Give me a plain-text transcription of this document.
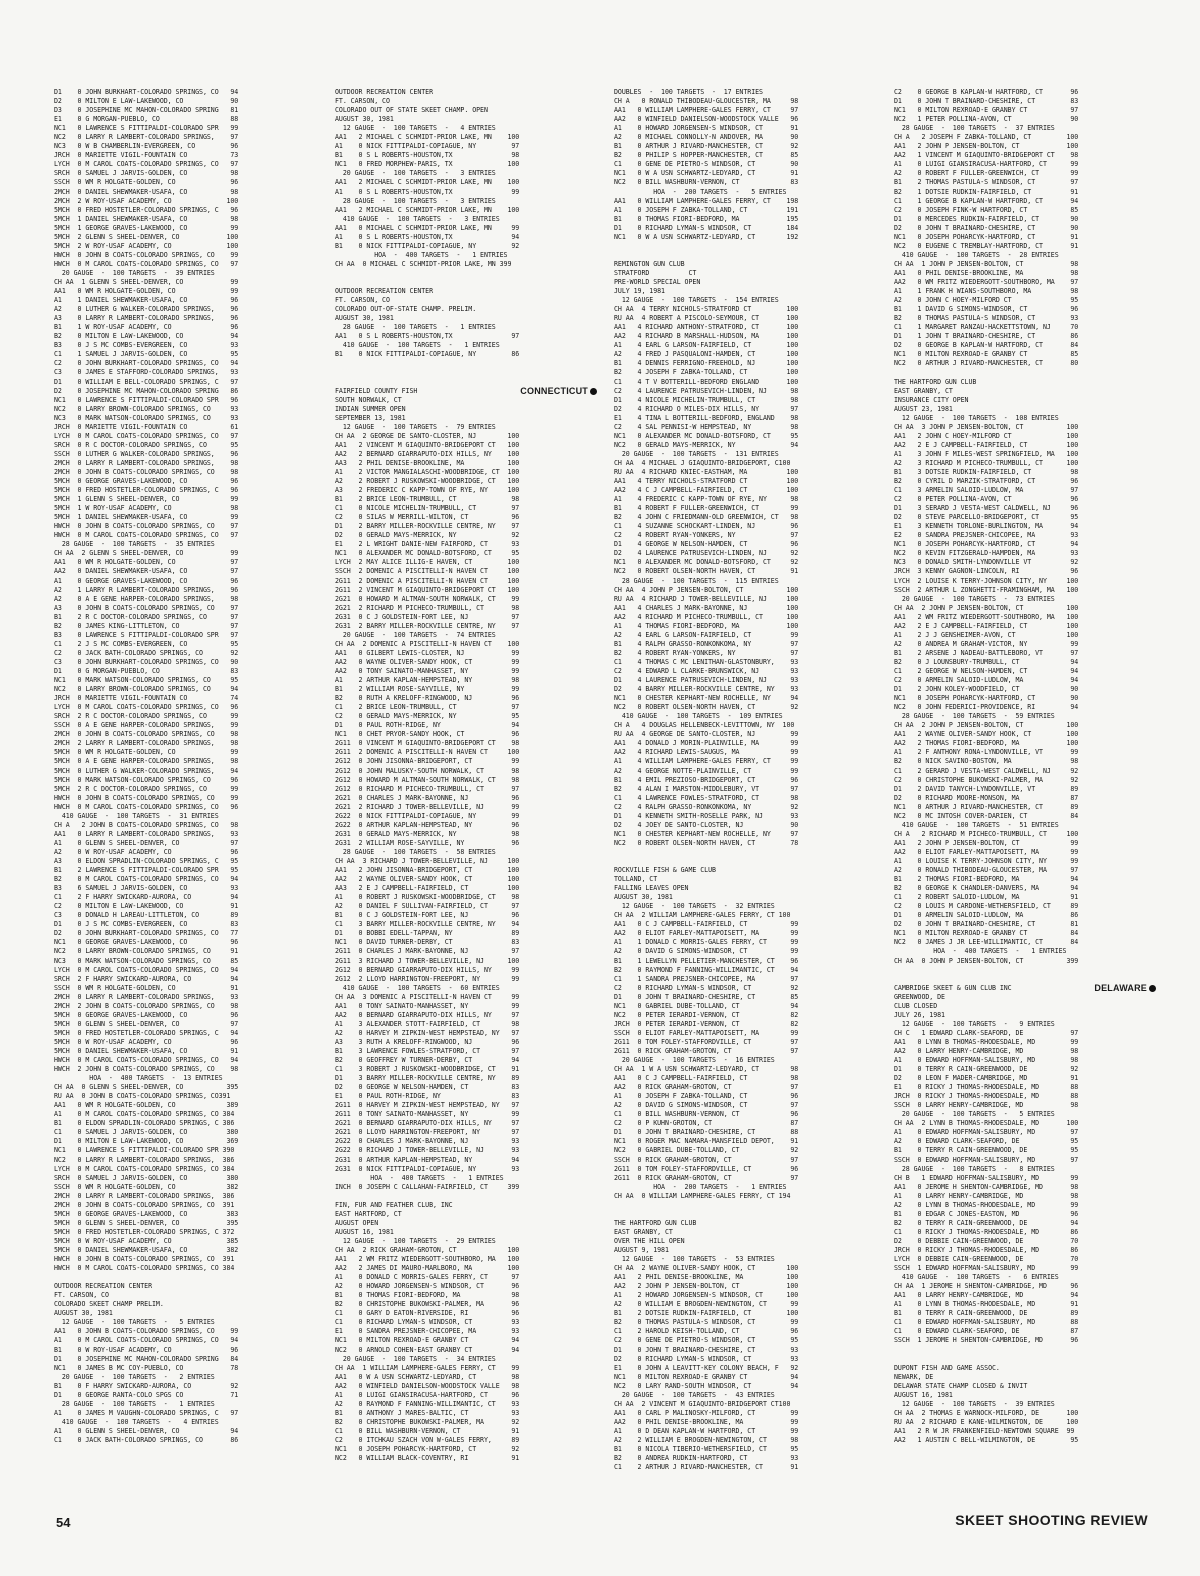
D1    0 JOHN BURKHART-COLORADO SPRINGS, CO   94
D2    0 MILTON E LAW-LAKEWOOD, CO            90
D3    0 JOSEPHINE MC MAHON-COLORADO SPRING   81
E1    0 G MORGAN-PUEBLO, CO                  88
NC1   0 LAWRENCE S FITTIPALDI-COLORADO SPR   99
NC2   0 LARRY R LAMBERT-COLORADO SPRINGS,    97
NC3   0 W B CHAMBERLIN-EVERGREEN, CO         96
JRCH  0 MARIETTE VIGIL-FOUNTAIN CO           73
LYCH  0 M CAROL COATS-COLORADO SPRINGS, CO   97
SRCH  0 SAMUEL J JARVIS-GOLDEN, CO           98
SSCH  0 WM R HOLGATE-GOLDEN, CO              96
2MCH  0 DANIEL SHEWMAKER-USAFA, CO           98
2MCH  2 W ROY-USAF ACADEMY, CO              100
5MCH  0 FRED HOSTETLER-COLORADO SPRINGS, C   96
5MCH  1 DANIEL SHEWMAKER-USAFA, CO           98
5MCH  1 GEORGE GRAVES-LAKEWOOD, CO           99
5MCH  2 GLENN S SHEEL-DENVER, CO            100
5MCH  2 W ROY-USAF ACADEMY, CO              100
HWCH  0 JOHN B COATS-COLORADO SPRINGS, CO    99
HWCH  0 M CAROL COATS-COLORADO SPRINGS, CO   97
20 GAUGE  -  100 TARGETS  -  39 ENTRIES
CH AA  1 GLENN S SHEEL-DENVER, CO            99
AA1   0 WM R HOLGATE-GOLDEN, CO              99
A1    1 DANIEL SHEWMAKER-USAFA, CO           96
A2    0 LUTHER G WALKER-COLORADO SPRINGS,    96
A3    0 LARRY R LAMBERT-COLORADO SPRINGS,    96
B1    1 W ROY-USAF ACADEMY, CO               96
B2    0 MILTON E LAW-LAKEWOOD, CO            94
B3    0 J S MC COMBS-EVERGREEN, CO           93
C1    1 SAMUEL J JARVIS-GOLDEN, CO           95
C2    0 JOHN BURKHART-COLORADO SPRINGS, CO   94
C3    0 JAMES E STAFFORD-COLORADO SPRINGS,   93
D1    0 WILLIAM E BELL-COLORADO SPRINGS, C   97
D2    0 JOSEPHINE MC MAHON-COLORADO SPRING   86
NC1   0 LAWRENCE S FITTIPALDI-COLORADO SPR   96
NC2   0 LARRY BROWN-COLORADO SPRINGS, CO     93
NC3   0 MARK WATSON-COLORADO SPRINGS, CO     93
JRCH  0 MARIETTE VIGIL-FOUNTAIN CO           61
LYCH  0 M CAROL COATS-COLORADO SPRINGS, CO   97
SRCH  0 R C DOCTOR-COLORADO SPRINGS, CO      95
SSCH  0 LUTHER G WALKER-COLORADO SPRINGS,    96
2MCH  0 LARRY R LAMBERT-COLORADO SPRINGS,    98
2MCH  0 JOHN B COATS-COLORADO SPRINGS, CO    98
5MCH  0 GEORGE GRAVES-LAKEWOOD, CO           96
5MCH  0 FRED HOSTETLER-COLORADO SPRINGS, C   96
5MCH  1 GLENN S SHEEL-DENVER, CO             99
5MCH  1 W ROY-USAF ACADEMY, CO               98
5MCH  1 DANIEL SHEWMAKER-USAFA, CO           99
HWCH  0 JOHN B COATS-COLORADO SPRINGS, CO    97
HWCH  0 M CAROL COATS-COLORADO SPRINGS, CO   97
28 GAUGE  -  100 TARGETS  -  35 ENTRIES
CH AA  2 GLENN S SHEEL-DENVER, CO            99
AA1   0 WM R HOLGATE-GOLDEN, CO              97
AA2   0 DANIEL SHEWMAKER-USAFA, CO           97
A1    0 GEORGE GRAVES-LAKEWOOD, CO           96
A2    1 LARRY R LAMBERT-COLORADO SPRINGS,    96
A2    0 A E GENE HARPER-COLORADO SPRINGS,    98
A3    0 JOHN B COATS-COLORADO SPRINGS, CO    97
B1    2 R C DOCTOR-COLORADO SPRINGS, CO      97
B2    0 JAMES KING-LITTLETON, CO             97
B3    0 LAWRENCE S FITTIPALDI-COLORADO SPR   97
C1    2 J S MC COMBS-EVERGREEN, CO           95
C2    0 JACK BATH-COLORADO SPRINGS, CO       92
C3    0 JOHN BURKHART-COLORADO SPRINGS, CO   90
D1    0 G MORGAN-PUEBLO, CO                  83
NC1   0 MARK WATSON-COLORADO SPRINGS, CO     95
NC2   0 LARRY BROWN-COLORADO SPRINGS, CO     94
JRCH  0 MARIETTE VIGIL-FOUNTAIN CO           74
LYCH  0 M CAROL COATS-COLORADO SPRINGS, CO   96
SRCH  2 R C DOCTOR-COLORADO SPRINGS, CO      99
SSCH  0 A E GENE HARPER-COLORADO SPRINGS,    99
2MCH  0 JOHN B COATS-COLORADO SPRINGS, CO    98
2MCH  2 LARRY R LAMBERT-COLORADO SPRINGS,    98
5MCH  0 WM R HOLGATE-GOLDEN, CO              99
5MCH  0 A E GENE HARPER-COLORADO SPRINGS,    98
5MCH  0 LUTHER G WALKER-COLORADO SPRINGS,    94
5MCH  0 MARK WATSON-COLORADO SPRINGS, CO     96
5MCH  2 R C DOCTOR-COLORADO SPRINGS, CO      99
HWCH  0 JOHN B COATS-COLORADO SPRINGS, CO    99
HWCH  0 M CAROL COATS-COLORADO SPRINGS, CO   96
410 GAUGE  -  100 TARGETS  -  31 ENTRIES
CH A   2 JOHN B COATS-COLORADO SPRINGS, CO   98
AA1   0 LARRY R LAMBERT-COLORADO SPRINGS,    93
A1    0 GLENN S SHEEL-DENVER, CO             97
A2    0 W ROY-USAF ACADEMY, CO               96
A3    0 ELDON SPRADLIN-COLORADO SPRINGS, C   95
B1    2 LAWRENCE S FITTIPALDI-COLORADO SPR   95
B2    0 M CAROL COATS-COLORADO SPRINGS, CO   94
B3    6 SAMUEL J JARVIS-GOLDEN, CO           93
C1    2 F HARRY SWICKARD-AURORA, CO          94
C2    0 MILTON E LAW-LAKEWOOD, CO            91
C3    0 DONALD H LAREAU-LITTLETON, CO        89
D1    0 J S MC COMBS-EVERGREEN, CO           83
D2    0 JOHN BURKHART-COLORADO SPRINGS, CO   77
NC1   0 GEORGE GRAVES-LAKEWOOD, CO           96
NC2   0 LARRY BROWN-COLORADO SPRINGS, CO     91
NC3   0 MARK WATSON-COLORADO SPRINGS, CO     85
LYCH  0 M CAROL COATS-COLORADO SPRINGS, CO   94
SRCH  2 F HARRY SWICKARD-AURORA, CO          94
SSCH  0 WM R HOLGATE-GOLDEN, CO              91
2MCH  0 LARRY R LAMBERT-COLORADO SPRINGS,    93
2MCH  2 JOHN B COATS-COLORADO SPRINGS, CO    98
5MCH  0 GEORGE GRAVES-LAKEWOOD, CO           96
5MCH  0 GLENN S SHEEL-DENVER, CO             97
5MCH  0 FRED HOSTETLER-COLORADO SPRINGS, C   94
5MCH  0 W ROY-USAF ACADEMY, CO               96
5MCH  0 DANIEL SHEWMAKER-USAFA, CO           91
HWCH  0 M CAROL COATS-COLORADO SPRINGS, CO   94
HWCH  2 JOHN B COATS-COLORADO SPRINGS, CO    98
HOA  -  400 TARGETS  -  13 ENTRIES
CH AA  0 GLENN S SHEEL-DENVER, CO           395
RU AA  0 JOHN B COATS-COLORADO SPRINGS, CO391
AA1   0 WM R HOLGATE-GOLDEN, CO             389
A1    0 M CAROL COATS-COLORADO SPRINGS, CO 384
B1    0 ELDON SPRADLIN-COLORADO SPRINGS, C 386
C1    0 SAMUEL J JARVIS-GOLDEN, CO          380
D1    0 MILTON E LAW-LAKEWOOD, CO           369
NC1   0 LAWRENCE S FITTIPALDI-COLORADO SPR 390
NC2   0 LARRY R LAMBERT-COLORADO SPRINGS,  386
LYCH  0 M CAROL COATS-COLORADO SPRINGS, CO 384
SRCH  0 SAMUEL J JARVIS-GOLDEN, CO          380
SSCH  0 WM R HOLGATE-GOLDEN, CO             382
2MCH  0 LARRY R LAMBERT-COLORADO SPRINGS,  386
2MCH  0 JOHN B COATS-COLORADO SPRINGS, CO  391
5MCH  0 GEORGE GRAVES-LAKEWOOD, CO          383
5MCH  0 GLENN S SHEEL-DENVER, CO            395
5MCH  0 FRED HOSTETLER-COLORADO SPRINGS, C 372
5MCH  0 W ROY-USAF ACADEMY, CO              385
5MCH  0 DANIEL SHEWMAKER-USAFA, CO          382
HWCH  0 JOHN B COATS-COLORADO SPRINGS, CO  391
HWCH  0 M CAROL COATS-COLORADO SPRINGS, CO 384
OUTDOOR RECREATION CENTER
FT. CARSON, CO
COLORADO SKEET CHAMP PRELIM.
AUGUST 30, 1981
12 GAUGE  -  100 TARGETS  -   5 ENTRIES
AA1   0 JOHN B COATS-COLORADO SPRINGS, CO    99
A1    0 M CAROL COATS-COLORADO SPRINGS, CO   94
B1    0 W ROY-USAF ACADEMY, CO               96
D1    0 JOSEPHINE MC MAHON-COLORADO SPRING   84
NC1   0 JAMES B MC COY-PUEBLO, CO            78
20 GAUGE  -  100 TARGETS  -   2 ENTRIES
B1    0 F HARRY SWICKARD-AURORA, CO          92
D1    0 GEORGE RANTA-COLO SPGS CO            71
28 GAUGE  -  100 TARGETS  -   1 ENTRIES
A1    0 JAMES M VAUGHN-COLORADO SPRINGS, C   97
410 GAUGE  -  100 TARGETS  -   4 ENTRIES
A1    0 GLENN S SHEEL-DENVER, CO             94
C1    0 JACK BATH-COLORADO SPRINGS, CO       86
OUTDOOR RECREATION CENTER
FT. CARSON, CO
COLORADO OUT OF STATE SKEET CHAMP. OPEN
AUGUST 30, 1981
12 GAUGE  -  100 TARGETS  -   4 ENTRIES
AA1   2 MICHAEL C SCHMIDT-PRIOR LAKE, MN    100
A1    0 NICK FITTIPALDI-COPIAGUE, NY         97
B1    0 S L ROBERTS-HOUSTON,TX               98
NC1   0 FRED MORPHEW-PARIS, TX              100
20 GAUGE  -  100 TARGETS  -   3 ENTRIES
AA1   2 MICHAEL C SCHMIDT-PRIOR LAKE, MN    100
A1    0 S L ROBERTS-HOUSTON,TX               99
28 GAUGE  -  100 TARGETS  -   3 ENTRIES
AA1   2 MICHAEL C SCHMIDT-PRIOR LAKE, MN    100
410 GAUGE  -  100 TARGETS  -   3 ENTRIES
AA1   0 MICHAEL C SCHMIDT-PRIOR LAKE, MN     99
A1    0 S L ROBERTS-HOUSTON,TX               94
B1    0 NICK FITTIPALDI-COPIAGUE, NY         92
HOA  -  400 TARGETS  -   1 ENTRIES
CH AA  0 MICHAEL C SCHMIDT-PRIOR LAKE, MN 399
OUTDOOR RECREATION CENTER
FT. CARSON, CO
COLORADO OUT-OF-STATE CHAMP. PRELIM.
AUGUST 30, 1981
28 GAUGE  -  100 TARGETS  -   1 ENTRIES
AA1   0 S L ROBERTS-HOUSTON,TX               97
410 GAUGE  -  100 TARGETS  -   1 ENTRIES
B1    0 NICK FITTIPALDI-COPIAGUE, NY         86
FAIRFIELD COUNTY FISH	CONNECTICUT
SOUTH NORWALK, CT
INDIAN SUMMER OPEN
SEPTEMBER 13, 1981
12 GAUGE  -  100 TARGETS  -  79 ENTRIES
CH AA  2 GEORGE DE SANTO-CLOSTER, NJ        100
AA1   2 VINCENT M GIAQUINTO-BRIDGEPORT CT   100
AA2   2 BERNARD GIARRAPUTO-DIX HILLS, NY    100
AA3   2 PHIL DENISE-BROOKLINE, MA           100
A1    2 VICTOR MANGIALASCHI-WOODBRIDGE, CT  100
A2    2 ROBERT J RUSKOWSKI-WOODBRIDGE, CT   100
A3    2 FREDERIC C KAPP-TOWN OF RYE, NY     100
B1    2 BRICE LEON-TRUMBULL, CT              98
C1    0 NICOLE MICHELIN-TRUMBULL, CT         97
C2    0 SILAS W MERRILL-WILTON, CT           96
D1    2 BARRY MILLER-ROCKVILLE CENTRE, NY    97
D2    0 GERALD MAYS-MERRICK, NY              92
E1    2 L WRIGHT DANIE-NEW FAIRFORD, CT      93
NC1   0 ALEXANDER MC DONALD-BOTSFORD, CT     95
LYCH  2 MAY ALICE ILLIG-E HAVEN, CT         100
SSCH  2 DOMENIC A PISCITELLI-N HAVEN CT     100
2G11  2 DOMENIC A PISCITELLI-N HAVEN CT     100
2G11  2 VINCENT M GIAQUINTO-BRIDGEPORT CT   100
2G21  0 HOWARD M ALTMAN-SOUTH NORWALK, CT    99
2G21  2 RICHARD M PICHECO-TRUMBULL, CT       98
2G31  0 C J GOLDSTEIN-FORT LEE, NJ           97
2G31  2 BARRY MILLER-ROCKVILLE CENTRE, NY    97
20 GAUGE  -  100 TARGETS  -  74 ENTRIES
CH AA  2 DOMENIC A PISCITELLI-N HAVEN CT    100
AA1   0 GILBERT LEWIS-CLOSTER, NJ            99
AA2   0 WAYNE OLIVER-SANDY HOOK, CT          99
AA2   0 TONY SAINATO-MANHASSET, NY           99
A1    2 ARTHUR KAPLAN-HEMPSTEAD, NY          98
B1    2 WILLIAM ROSE-SAYVILLE, NY            99
B2    0 RUTH A KRELOFF-RINGWOOD, NJ          96
C1    2 BRICE LEON-TRUMBULL, CT              97
C2    0 GERALD MAYS-MERRICK, NY              95
D1    0 PAUL ROTH-RIDGE, NY                  94
NC1   0 CHET PRYOR-SANDY HOOK, CT            96
2G11  0 VINCENT M GIAQUINTO-BRIDGEPORT CT    98
2G11  2 DOMENIC A PISCITELLI-N HAVEN CT     100
2G12  0 JOHN JISONNA-BRIDGEPORT, CT          99
2G12  0 JOHN MALUSKY-SOUTH NORWALK, CT       98
2G12  0 HOWARD M ALTMAN-SOUTH NORWALK, CT    98
2G12  0 RICHARD M PICHECO-TRUMBULL, CT       97
2G21  0 CHARLES J MARK-BAYONNE, NJ           96
2G21  2 RICHARD J TOWER-BELLEVILLE, NJ       99
2G22  0 NICK FITTIPALDI-COPIAGUE, NY         99
2G22  0 ARTHUR KAPLAN-HEMPSTEAD, NY          96
2G31  0 GERALD MAYS-MERRICK, NY              98
2G31  2 WILLIAM ROSE-SAYVILLE, NY            96
28 GAUGE  -  100 TARGETS  -  58 ENTRIES
CH AA  3 RICHARD J TOWER-BELLEVILLE, NJ     100
AA1   2 JOHN JISONNA-BRIDGEPORT, CT         100
AA2   2 WAYNE OLIVER-SANDY HOOK, CT         100
AA3   2 E J CAMPBELL-FAIRFIELD, CT          100
A1    0 ROBERT J RUSKOWSKI-WOODBRIDGE, CT    98
A2    0 DANIEL F SULLIVAN-FAIRFIELD, CT      97
B1    0 C J GOLDSTEIN-FORT LEE, NJ           96
C1    3 BARRY MILLER-ROCKVILLE CENTRE, NY    94
D1    0 BOBBI EDELL-TAPPAN, NY               89
NC1   0 DAVID TURNER-DERBY, CT               83
2G11  0 CHARLES J MARK-BAYONNE, NJ           97
2G11  3 RICHARD J TOWER-BELLEVILLE, NJ      100
2G12  0 BERNARD GIARRAPUTO-DIX HILLS, NY     99
2G12  2 LLOYD HARRINGTON-FREEPORT, NY        99
410 GAUGE  -  100 TARGETS  -  60 ENTRIES
CH AA  3 DOMENIC A PISCITELLI-N HAVEN CT     99
AA1   0 TONY SAINATO-MANHASSET, NY           99
AA2   0 BERNARD GIARRAPUTO-DIX HILLS, NY     97
A1    3 ALEXANDER STOTT-FAIRFIELD, CT        98
A2    0 HARVEY M ZIPKIN-WEST HEMPSTEAD, NY   97
A3    3 RUTH A KRELOFF-RINGWOOD, NJ          96
B1    3 LAWRENCE FOWLES-STRATFORD, CT        97
B2    0 GEOFFREY W TURNER-DERBY, CT          94
C1    3 ROBERT J RUSKOWSKI-WOODBRIDGE, CT    91
D1    3 BARRY MILLER-ROCKVILLE CENTRE, NY    89
D2    0 GEORGE W NELSON-HAMDEN, CT           83
E1    0 PAUL ROTH-RIDGE, NY                  83
2G11  0 HARVEY M ZIPKIN-WEST HEMPSTEAD, NY   97
2G11  0 TONY SAINATO-MANHASSET, NY           99
2G21  0 BERNARD GIARRAPUTO-DIX HILLS, NY     97
2G21  0 LLOYD HARRINGTON-FREEPORT, NY        97
2G22  0 CHARLES J MARK-BAYONNE, NJ           93
2G22  0 RICHARD J TOWER-BELLEVILLE, NJ       93
2G31  0 ARTHUR KAPLAN-HEMPSTEAD, NY          94
2G31  0 NICK FITTIPALDI-COPIAGUE, NY         93
HOA  -  400 TARGETS  -   1 ENTRIES
INCH  0 JOSEPH C CALLAHAN-FAIRFIELD, CT     399
FIN, FUR AND FEATHER CLUB, INC
EAST HARTFORD, CT
AUGUST OPEN
AUGUST 16, 1981
12 GAUGE  -  100 TARGETS  -  29 ENTRIES
CH AA  2 RICK GRAHAM-GROTON, CT             100
AA1   2 WM FRITZ WIEDERGOTT-SOUTHBORO, MA   100
AA2   2 JAMES DI MAURO-MARLBORO, MA         100
A1    0 DONALD C MORRIS-GALES FERRY, CT      97
A2    0 HOWARD JORGENSEN-S WINDSOR, CT       96
B1    0 THOMAS FIORI-BEDFORD, MA             98
B2    0 CHRISTOPHE BUKOWSKI-PALMER, MA       96
C1    0 GARY D EATON-RIVERSIDE, RI           96
C1    0 RICHARD LYMAN-S WINDSOR, CT          93
E1    0 SANDRA PREJSNER-CHICOPEE, MA         93
NC1   0 MILTON REXROAD-E GRANBY CT           94
NC2   0 ARNOLD COHEN-EAST GRANBY CT          94
20 GAUGE  -  100 TARGETS  -  34 ENTRIES
CH AA  1 WILLIAM LAMPHERE-GALES FERRY, CT    99
AA1   0 W A USN SCHWARTZ-LEDYARD, CT         98
AA2   0 WINFIELD DANIELSON-WOODSTOCK VALLE   98
A1    0 LUIGI GIANSIRACUSA-HARTFORD, CT      96
A2    0 RAYMOND F FANNING-WILLIMANTIC, CT    93
B1    0 ANTHONY J MARES-BALTIC, CT           93
B2    0 CHRISTOPHE BUKOWSKI-PALMER, MA       92
C1    0 BILL WASHBURN-VERNON, CT             91
C2    0 ITCHKAU SZACH VON W-GALES FERRY,     89
NC1   0 JOSEPH POHARCYK-HARTFORD, CT         92
NC2   0 WILLIAM BLACK-COVENTRY, RI           91
DOUBLES  -  100 TARGETS  -  17 ENTRIES
CH A   0 RONALD THIBODEAU-GLOUCESTER, MA     98
AA1   0 WILLIAM LAMPHERE-GALES FERRY, CT     97
AA2   0 WINFIELD DANIELSON-WOODSTOCK VALLE   96
A1    0 HOWARD JORGENSEN-S WINDSOR, CT       91
A2    0 MICHAEL CONNOLLY-N ANDOVER, MA       90
B1    0 ARTHUR J RIVARD-MANCHESTER, CT       92
B2    0 PHILIP S HOPPER-MANCHESTER, CT       85
C1    0 GENE DE PIETRO-S WINDSOR, CT         90
NC1   0 W A USN SCHWARTZ-LEDYARD, CT         91
NC2   0 BILL WASHBURN-VERNON, CT             83
HOA  -  200 TARGETS  -   5 ENTRIES
AA1   0 WILLIAM LAMPHERE-GALES FERRY, CT    198
A1    0 JOSEPH F ZABKA-TOLLAND, CT          191
B1    0 THOMAS FIORI-BEDFORD, MA            195
D1    0 RICHARD LYMAN-S WINDSOR, CT         184
NC1   0 W A USN SCHWARTZ-LEDYARD, CT        192
REMINGTON GUN CLUB
STRATFORD          CT
PRE-WORLD SPECIAL OPEN
JULY 19, 1981
12 GAUGE  -  100 TARGETS  -  154 ENTRIES
CH AA  4 TERRY NICHOLS-STRATFORD CT         100
RU AA  4 ROBERT A PISCOLO-SEYMOUR, CT       100
AA1   4 RICHARD ANTHONY-STRATFORD, CT       100
AA2   4 RICHARD B MARSHALL-HUDSON, MA       100
A1    4 EARL G LARSON-FAIRFIELD, CT         100
A2    4 FRED J PASQUALONI-HAMDEN, CT        100
B1    4 DENNIS FERRIGNO-FREEHOLD, NJ        100
B2    4 JOSEPH F ZABKA-TOLLAND, CT          100
C1    4 T V BOTTERILL-BEDFORD ENGLAND       100
C2    4 LAURENCE PATRUSEVICH-LINDEN, NJ      98
D1    4 NICOLE MICHELIN-TRUMBULL, CT         98
D2    4 RICHARD O MILES-DIX HILLS, NY        97
E1    4 TINA L BOTTERILL-BEDFORD, ENGLAND    98
C2    4 SAL PENNISI-W HEMPSTEAD, NY          98
NC1   0 ALEXANDER MC DONALD-BOTSFORD, CT     95
NC2   0 GERALD MAYS-MERRICK, NY              94
20 GAUGE  -  100 TARGETS  -  131 ENTRIES
CH AA  4 MICHAEL J GIAQUINTO-BRIDGEPORT, C100
RU AA  4 RICHARD KNIEC-EASTHAM, MA          100
AA1   4 TERRY NICHOLS-STRATFORD CT          100
AA2   4 C J CAMPBELL-FAIRFIELD, CT          100
A1    4 FREDERIC C KAPP-TOWN OF RYE, NY      98
B1    4 ROBERT F FULLER-GREENWICH, CT        99
B2    4 JOHN C FRIEDMANN-OLD GREENWICH, CT   98
C1    4 SUZANNE SCHOCKART-LINDEN, NJ         96
C2    4 ROBERT RYAN-YONKERS, NY              97
D1    4 GEORGE W NELSON-HAMDEN, CT           96
D2    4 LAURENCE PATRUSEVICH-LINDEN, NJ      92
NC1   0 ALEXANDER MC DONALD-BOTSFORD, CT     92
NC2   0 ROBERT OLSEN-NORTH HAVEN, CT         91
28 GAUGE  -  100 TARGETS  -  115 ENTRIES
CH AA  4 JOHN P JENSEN-BOLTON, CT           100
RU AA  4 RICHARD J TOWER-BELLEVILLE, NJ     100
AA1   4 CHARLES J MARK-BAYONNE, NJ          100
AA2   4 RICHARD M PICHECO-TRUMBULL, CT      100
A1    4 THOMAS FIORI-BEDFORD, MA            100
A2    4 EARL G LARSON-FAIRFIELD, CT          99
B1    4 RALPH GRASSO-RONKONKOMA, NY          97
B2    4 ROBERT RYAN-YONKERS, NY              97
C1    4 THOMAS C MC LENITHAN-GLASTONBURY,    93
C2    4 EDWARD L CLARKE-BRUNSWICK, NJ        93
D1    4 LAURENCE PATRUSEVICH-LINDEN, NJ      93
D2    4 BARRY MILLER-ROCKVILLE CENTRE, NY    93
NC1   0 CHESTER KEPHART-NEW ROCHELLE, NY     94
NC2   0 ROBERT OLSEN-NORTH HAVEN, CT         92
410 GAUGE  -  100 TARGETS  -  109 ENTRIES
CH A   4 DOUGLAS HELLENBECK-LEVITTOWN, NY  100
RU AA  4 GEORGE DE SANTO-CLOSTER, NJ         99
AA1   4 DONALD J MORIN-PLAINVILLE, MA        99
AA2   4 RICHARD LEWIS-SAUGUS, MA             99
A1    4 WILLIAM LAMPHERE-GALES FERRY, CT     99
A2    4 GEORGE NOTTE-PLAINVILLE, CT          99
B1    4 EMIL PREZIOSO-BRIDGEPORT, CT         96
B2    4 ALAN I MARSTON-MIDDLEBURY, VT        97
C1    4 LAWRENCE FOWLES-STRATFORD, CT        98
C2    4 RALPH GRASSO-RONKONKOMA, NY          92
D1    4 KENNETH SMITH-ROSELLE PARK, NJ       93
D2    4 JOEY DE SANTO-CLOSTER, NJ            90
NC1   0 CHESTER KEPHART-NEW ROCHELLE, NY     97
NC2   0 ROBERT OLSEN-NORTH HAVEN, CT         78
ROCKVILLE FISH & GAME CLUB
TOLLAND, CT
FALLING LEAVES OPEN
AUGUST 30, 1981
12 GAUGE  -  100 TARGETS  -  32 ENTRIES
CH AA  2 WILLIAM LAMPHERE-GALES FERRY, CT 100
AA1   0 C J CAMPBELL-FAIRFIELD, CT           99
AA2   0 ELIOT FARLEY-MATTAPOISETT, MA        99
A1    1 DONALD C MORRIS-GALES FERRY, CT      99
A2    0 DAVID G SIMONS-WINDSOR, CT           99
B1    1 LEWELLYN PELLETIER-MANCHESTER, CT    96
B2    0 RAYMOND F FANNING-WILLIMANTIC, CT    94
C1    1 SANDRA PREJSNER-CHICOPEE, MA         97
C2    0 RICHARD LYMAN-S WINDSOR, CT          92
D1    0 JOHN T BRAINARD-CHESHIRE, CT         85
NC1   0 GABRIEL DUBE-TOLLAND, CT             94
NC2   0 PETER IERARDI-VERNON, CT             82
JRCH  0 PETER IERARDI-VERNON, CT             82
SSCH  0 ELIOT FARLEY-MATTAPOISETT, MA        99
2G11  0 TOM FOLEY-STAFFORDVILLE, CT          97
2G11  0 RICK GRAHAM-GROTON, CT               97
20 GAUGE  -  100 TARGETS  -  16 ENTRIES
CH AA  1 W A USN SCHWARTZ-LEDYARD, CT        98
AA1   0 C J CAMPBELL-FAIRFIELD, CT           98
AA2   0 RICK GRAHAM-GROTON, CT               97
A1    0 JOSEPH F ZABKA-TOLLAND, CT           96
A2    0 DAVID G SIMONS-WINDSOR, CT           97
C1    0 BILL WASHBURN-VERNON, CT             96
C2    0 P KUHN-GROTON, CT                    87
D1    0 JOHN T BRAINARD-CHESHIRE, CT         88
NC1   0 ROGER MAC NAMARA-MANSFIELD DEPOT,    91
NC2   0 GABRIEL DUBE-TOLLAND, CT             92
SSCH  0 RICK GRAHAM-GROTON, CT               97
2G11  0 TOM FOLEY-STAFFORDVILLE, CT          96
2G11  0 RICK GRAHAM-GROTON, CT               97
HOA  -  200 TARGETS  -   1 ENTRIES
CH AA  0 WILLIAM LAMPHERE-GALES FERRY, CT 194
THE HARTFORD GUN CLUB
EAST GRANBY, CT
OVER THE HILL OPEN
AUGUST 9, 1981
12 GAUGE  -  100 TARGETS  -  53 ENTRIES
CH AA  2 WAYNE OLIVER-SANDY HOOK, CT        100
AA1   2 PHIL DENISE-BROOKLINE, MA           100
AA2   2 JOHN P JENSEN-BOLTON, CT            100
A1    2 HOWARD JORGENSEN-S WINDSOR, CT      100
A2    0 WILLIAM E BROGDEN-NEWINGTON, CT      99
B1    2 DOTSIE RUDKIN-FAIRFIELD, CT         100
B2    0 THOMAS PASTULA-S WINDSOR, CT         99
C1    2 HAROLD KEISH-TOLLAND, CT             96
C2    0 GENE DE PIETRO-S WINDSOR, CT         95
D1    0 JOHN T BRAINARD-CHESHIRE, CT         93
D2    0 RICHARD LYMAN-S WINDSOR, CT          93
E1    0 JOHN A LEAVITT-KEY COLONY BEACH, F   92
NC1   0 MILTON REXROAD-E GRANBY CT           94
NC2   0 LARY RAND-SOUTH WINDSOR, CT          94
20 GAUGE  -  100 TARGETS  -  43 ENTRIES
CH AA  2 VINCENT M GIAQUINTO-BRIDGEPORT CT100
AA1   0 CARL P MALINOSKY-MILFORD, CT         99
AA2   0 PHIL DENISE-BROOKLINE, MA            99
A1    0 D DEAN KAPLAN-W HARTFORD, CT         99
A2    2 WILLIAM E BROGDEN-NEWINGTON, CT      98
B1    0 NICOLA TIBERIO-WETHERSFIELD, CT      95
B2    0 ANDREA RUDKIN-HARTFORD, CT           93
C1    2 ARTHUR J RIVARD-MANCHESTER, CT       91
C2    0 GEORGE B KAPLAN-W HARTFORD, CT       96
D1    0 JOHN T BRAINARD-CHESHIRE, CT         83
NC1   0 MILTON REXROAD-E GRANBY CT           97
NC2   1 PETER POLLINA-AVON, CT               90
28 GAUGE  -  100 TARGETS  -  37 ENTRIES
CH A   2 JOSEPH F ZABKA-TOLLAND, CT         100
AA1   2 JOHN P JENSEN-BOLTON, CT            100
AA2   1 VINCENT M GIAQUINTO-BRIDGEPORT CT    98
A1    0 LUIGI GIANSIRACUSA-HARTFORD, CT      99
A2    0 ROBERT F FULLER-GREENWICH, CT        99
B1    2 THOMAS PASTULA-S WINDSOR, CT         97
B2    1 DOTSIE RUDKIN-FAIRFIELD, CT          91
C1    1 GEORGE B KAPLAN-W HARTFORD, CT       94
C2    0 JOSEPH FINK-W HARTFORD, CT           85
D1    0 MERCEDES RUDKIN-FAIRFIELD, CT        90
D2    0 JOHN T BRAINARD-CHESHIRE, CT         90
NC1   0 JOSEPH POHARCYK-HARTFORD, CT         91
NC2   0 EUGENE C TREMBLAY-HARTFORD, CT       91
410 GAUGE  -  100 TARGETS  -  28 ENTRIES
CH AA  1 JOHN P JENSEN-BOLTON, CT            98
AA1   0 PHIL DENISE-BROOKLINE, MA            98
AA2   0 WM FRITZ WIEDERGOTT-SOUTHBORO, MA    97
A1    1 FRANK H WIANS-SOUTHBORO, MA          98
A2    0 JOHN C HOEY-MILFORD CT               95
B1    1 DAVID G SIMONS-WINDSOR, CT           96
B2    0 THOMAS PASTULA-S WINDSOR, CT         93
C1    1 MARGARET RANZAU-HACKETTSTOWN, NJ     70
D1    1 JOHN T BRAINARD-CHESHIRE, CT         86
D2    0 GEORGE B KAPLAN-W HARTFORD, CT       84
NC1   0 MILTON REXROAD-E GRANBY CT           85
NC2   0 ARTHUR J RIVARD-MANCHESTER, CT       80
THE HARTFORD GUN CLUB
EAST GRANBY, CT
INSURANCE CITY OPEN
AUGUST 23, 1981
12 GAUGE  -  100 TARGETS  -  108 ENTRIES
CH AA  3 JOHN P JENSEN-BOLTON, CT           100
AA1   2 JOHN C HOEY-MILFORD CT              100
AA2   2 E J CAMPBELL-FAIRFIELD, CT          100
A1    3 JOHN F MILES-WEST SPRINGFIELD, MA   100
A2    3 RICHARD M PICHECO-TRUMBULL, CT      100
B1    3 DOTSIE RUDKIN-FAIRFIELD, CT          98
B2    0 CYRIL D MARZIK-STRATFORD, CT         96
C1    3 ARMELIN SALOID-LUDLOW, MA            97
C2    0 PETER POLLINA-AVON, CT               96
D1    3 SERARD J VESTA-WEST CALDWELL, NJ     96
D2    0 STEVE PARCELLO-BRIDGEPORT, CT        95
E1    3 KENNETH TORLONE-BURLINGTON, MA       94
E2    0 SANDRA PREJSNER-CHICOPEE, MA         93
NC1   0 JOSEPH POHARCYK-HARTFORD, CT         94
NC2   0 KEVIN FITZGERALD-HAMPDEN, MA         93
NC3   0 DONALD SMITH-LYNDONVILLE VT          92
JRCH  3 KENNY GAGNON-LINCOLN, RI             96
LYCH  2 LOUISE K TERRY-JOHNSON CITY, NY     100
SSCH  2 ARTHUR L ZONGHETTI-FRAMINGHAM, MA   100
20 GAUGE  -  100 TARGETS  -  73 ENTRIES
CH AA  2 JOHN P JENSEN-BOLTON, CT           100
AA1   2 WM FRITZ WIEDERGOTT-SOUTHBORO, MA   100
AA2   2 E J CAMPBELL-FAIRFIELD, CT          100
A1    2 J J GENSHEIMER-AVON, CT             100
A2    0 ANDREA M GRAHAM-VICTOR, NY           99
B1    2 ARSENE J NADEAU-BATTLEBORO, VT       97
B2    0 J LOUNSBURY-TRUMBULL, CT             94
C1    2 GEORGE W NELSON-HAMDEN, CT           94
C2    0 ARMELIN SALOID-LUDLOW, MA            94
D1    2 JOHN KOLEY-WOODFIELD, CT             90
NC1   0 JOSEPH POHARCYK-HARTFORD, CT         90
NC2   0 JOHN FEDERICI-PROVIDENCE, RI         94
28 GAUGE  -  100 TARGETS  -  59 ENTRIES
CH AA  2 JOHN P JENSEN-BOLTON, CT           100
AA1   2 WAYNE OLIVER-SANDY HOOK, CT         100
AA2   2 THOMAS FIORI-BEDFORD, MA            100
A1    2 F ANTHONY RONA-LYNDONVILLE, VT       99
B2    0 NICK SAVINO-BOSTON, MA               98
C1    2 GERARD J VESTA-WEST CALDWELL, NJ     92
C2    0 CHRISTOPHE BUKOWSKI-PALMER, MA       92
D1    2 DAVID TANYCH-LYNDONVILLE, VT         89
D2    0 RICHARD MOORE-MONSON, MA             87
NC1   0 ARTHUR J RIVARD-MANCHESTER, CT       89
NC2   0 MC INTOSH COVER-DARIEN, CT           84
410 GAUGE  -  100 TARGETS  -  51 ENTRIES
CH A   2 RICHARD M PICHECO-TRUMBULL, CT     100
AA1   2 JOHN P JENSEN-BOLTON, CT             99
AA2   0 ELIOT FARLEY-MATTAPOISETT, MA        99
A1    0 LOUISE K TERRY-JOHNSON CITY, NY      99
A2    0 RONALD THIBODEAU-GLOUCESTER, MA      97
B1    2 THOMAS FIORI-BEDFORD, MA             94
B2    0 GEORGE K CHANDLER-DANVERS, MA        94
C1    2 ROBERT SALOID-LUDLOW, MA             91
C2    0 LOUIS M CARDONE-WETHERSFIELD, CT     89
D1    0 ARMELIN SALOID-LUDLOW, MA            86
D2    0 JOHN T BRAINARD-CHESHIRE, CT         81
NC1   0 MILTON REXROAD-E GRANBY CT           84
NC2   0 JAMES J JR LEE-WILLIMANTIC, CT       84
HOA  -  400 TARGETS  -   1 ENTRIES
CH AA  0 JOHN P JENSEN-BOLTON, CT           399
CAMBRIDGE SKEET & GUN CLUB INC	DELAWARE
GREENWOOD, DE
CLUB CLOSED
JULY 26, 1981
12 GAUGE  -  100 TARGETS  -   9 ENTRIES
CH C   1 EDWARD CLARK-SEAFORD, DE            97
AA1   0 LYNN B THOMAS-RHODESDALE, MD         99
AA2   0 LARRY HENRY-CAMBRIDGE, MD            98
A1    0 EDWARD HOFFMAN-SALISBURY, MD         98
D1    0 TERRY R CAIN-GREENWOOD, DE           92
D2    0 LEON F MADER-CAMBRIDGE, MD           91
E1    0 RICKY J THOMAS-RHODESDALE, MD        88
JRCH  0 RICKY J THOMAS-RHODESDALE, MD        88
SSCH  0 LARRY HENRY-CAMBRIDGE, MD            98
20 GAUGE  -  100 TARGETS  -   5 ENTRIES
CH AA  2 LYNN B THOMAS-RHODESDALE, MD       100
A1    0 EDWARD HOFFMAN-SALISBURY, MD         97
A2    0 EDWARD CLARK-SEAFORD, DE             95
B1    0 TERRY R CAIN-GREENWOOD, DE           95
SSCH  0 EDWARD HOFFMAN-SALISBURY, MD         97
28 GAUGE  -  100 TARGETS  -   8 ENTRIES
CH B   1 EDWARD HOFFMAN-SALISBURY, MD        99
AA1   0 JEROME H SHENTON-CAMBRIDGE, MD       98
A1    0 LARRY HENRY-CAMBRIDGE, MD            98
A2    0 LYNN B THOMAS-RHODESDALE, MD         99
B1    0 EDGAR C JONES-EASTON, MD             96
B2    0 TERRY R CAIN-GREENWOOD, DE           94
C1    0 RICKY J THOMAS-RHODESDALE, MD        86
D2    0 DEBBIE CAIN-GREENWOOD, DE            70
JRCH  0 RICKY J THOMAS-RHODESDALE, MD        86
LYCH  0 DEBBIE CAIN-GREENWOOD, DE            70
SSCH  1 EDWARD HOFFMAN-SALISBURY, MD         99
410 GAUGE  -  100 TARGETS  -   6 ENTRIES
CH AA  1 JEROME H SHENTON-CAMBRIDGE, MD      96
AA1   0 LARRY HENRY-CAMBRIDGE, MD            94
A1    0 LYNN B THOMAS-RHODESDALE, MD         91
B1    0 TERRY R CAIN-GREENWOOD, DE           89
C1    0 EDWARD HOFFMAN-SALISBURY, MD         88
C1    0 EDWARD CLARK-SEAFORD, DE             87
SSCH  1 JEROME H SHENTON-CAMBRIDGE, MD       96
DUPONT FISH AND GAME ASSOC.
NEWARK, DE
DELAWAR STATE CHAMP CLOSED & INVIT
AUGUST 16, 1981
12 GAUGE  -  100 TARGETS  -  39 ENTRIES
CH AA  2 THOMAS E WARNOCK-MILFORD, DE       100
RU AA  2 RICHARD E KANE-WILMINGTON, DE      100
AA1   2 R W JR FRANKENFIELD-NEWTOWN SQUARE  99
AA2   1 AUSTIN C BELL-WILMINGTON, DE         95
54	SKEET SHOOTING REVIEW
